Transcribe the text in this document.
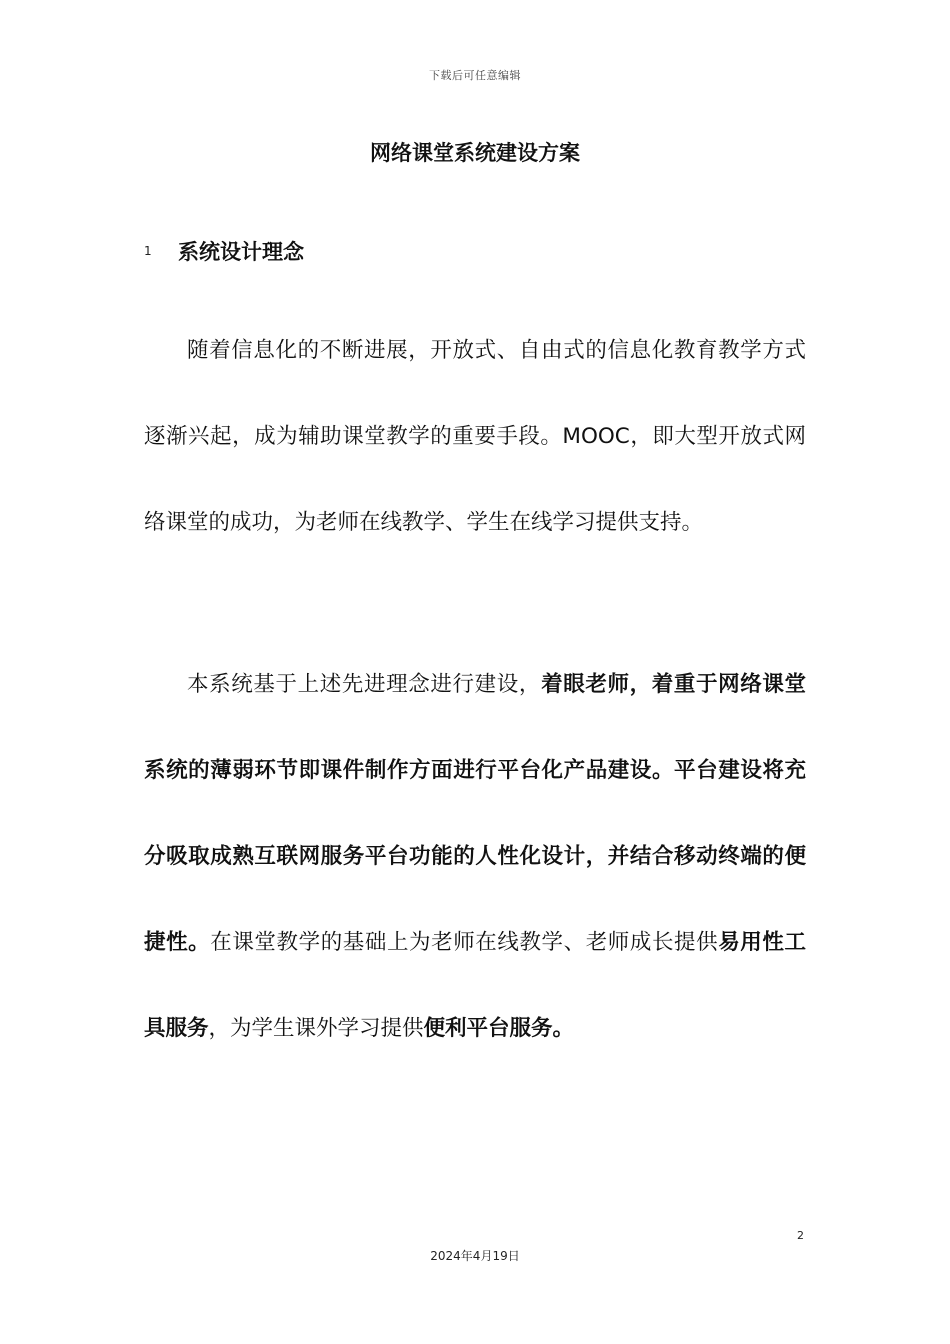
下载后可任意编辑
网络课堂系统建设方案
1	系统设计理念

随着信息化的不断进展，开放式、自由式的信息化教育教学方式逐渐兴起，成为辅助课堂教学的重要手段。MOOC，即大型开放式网络课堂的成功，为老师在线教学、学生在线学习提供支持。

本系统基于上述先进理念进行建设，着眼老师，着重于网络课堂系统的薄弱环节即课件制作方面进行平台化产品建设。平台建设将充分吸取成熟互联网服务平台功能的人性化设计，并结合移动终端的便捷性。在课堂教学的基础上为老师在线教学、老师成长提供易用性工具服务，为学生课外学习提供便利平台服务。

2
2024年4月19日
